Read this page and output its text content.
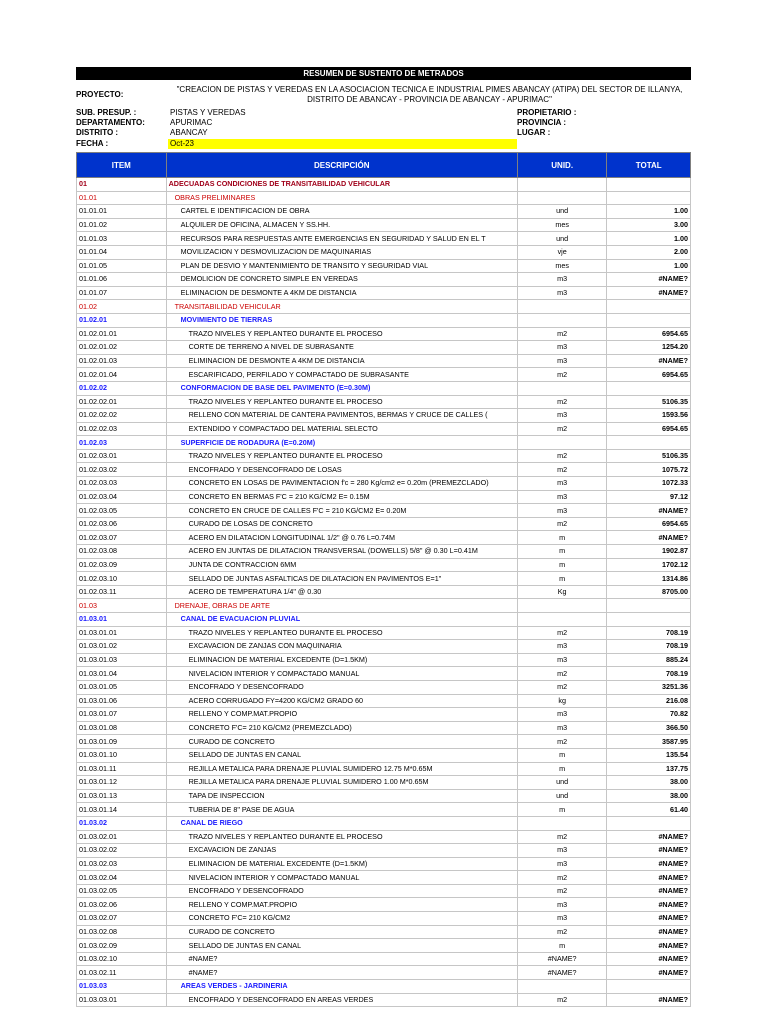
RESUMEN DE SUSTENTO DE METRADOS
PROYECTO:
"CREACION DE PISTAS Y VEREDAS EN LA ASOCIACION TECNICA E INDUSTRIAL PIMES ABANCAY (ATIPA) DEL SECTOR DE ILLANYA,
DISTRITO DE ABANCAY - PROVINCIA DE ABANCAY - APURIMAC"
SUB. PRESUP. :	PISTAS Y VEREDAS
DEPARTAMENTO:	APURIMAC
DISTRITO :	ABANCAY
FECHA :	Oct-23
PROPIETARIO :
PROVINCIA :
LUGAR :
ITEM	DESCRIPCIÓN	UNID.	TOTAL
01	ADECUADAS CONDICIONES DE TRANSITABILIDAD VEHICULAR		
01.01	OBRAS PRELIMINARES		
01.01.01	CARTEL E IDENTIFICACION DE OBRA	und	1.00
01.01.02	ALQUILER DE OFICINA, ALMACEN Y SS.HH.	mes	3.00
01.01.03	RECURSOS PARA RESPUESTAS ANTE EMERGENCIAS EN SEGURIDAD Y SALUD EN EL T	und	1.00
01.01.04	MOVILIZACION Y DESMOVILIZACION DE MAQUINARIAS	vje	2.00
01.01.05	PLAN DE DESVIO Y MANTENIMIENTO DE TRANSITO Y SEGURIDAD VIAL	mes	1.00
01.01.06	DEMOLICION DE CONCRETO SIMPLE EN VEREDAS	m3	#NAME?
01.01.07	ELIMINACION DE DESMONTE A 4KM DE DISTANCIA	m3	#NAME?
01.02	TRANSITABILIDAD VEHICULAR		
01.02.01	MOVIMIENTO DE TIERRAS		
01.02.01.01	TRAZO NIVELES Y REPLANTEO DURANTE EL PROCESO	m2	6954.65
01.02.01.02	CORTE DE TERRENO A NIVEL DE SUBRASANTE	m3	1254.20
01.02.01.03	ELIMINACION DE DESMONTE A 4KM DE DISTANCIA	m3	#NAME?
01.02.01.04	ESCARIFICADO, PERFILADO Y COMPACTADO DE SUBRASANTE	m2	6954.65
01.02.02	CONFORMACION DE BASE DEL PAVIMENTO (E=0.30M)		
01.02.02.01	TRAZO NIVELES Y REPLANTEO DURANTE EL PROCESO	m2	5106.35
01.02.02.02	RELLENO CON MATERIAL DE CANTERA PAVIMENTOS, BERMAS Y CRUCE DE CALLES (	m3	1593.56
01.02.02.03	EXTENDIDO Y COMPACTADO DEL MATERIAL SELECTO	m2	6954.65
01.02.03	SUPERFICIE DE RODADURA (E=0.20M)		
01.02.03.01	TRAZO NIVELES Y REPLANTEO DURANTE EL PROCESO	m2	5106.35
01.02.03.02	ENCOFRADO Y DESENCOFRADO DE LOSAS	m2	1075.72
01.02.03.03	CONCRETO EN LOSAS DE PAVIMENTACION f'c = 280 Kg/cm2 e= 0.20m (PREMEZCLADO)	m3	1072.33
01.02.03.04	CONCRETO EN BERMAS F'C = 210 KG/CM2 E= 0.15M	m3	97.12
01.02.03.05	CONCRETO EN CRUCE DE CALLES F'C = 210 KG/CM2 E= 0.20M	m3	#NAME?
01.02.03.06	CURADO DE LOSAS DE CONCRETO	m2	6954.65
01.02.03.07	ACERO EN DILATACION LONGITUDINAL 1/2" @ 0.76 L=0.74M	m	#NAME?
01.02.03.08	ACERO EN JUNTAS DE DILATACION TRANSVERSAL (DOWELLS) 5/8" @ 0.30 L=0.41M	m	1902.87
01.02.03.09	JUNTA DE CONTRACCION 6MM	m	1702.12
01.02.03.10	SELLADO DE JUNTAS ASFALTICAS DE DILATACION EN PAVIMENTOS E=1"	m	1314.86
01.02.03.11	ACERO DE TEMPERATURA 1/4" @ 0.30	Kg	8705.00
01.03	DRENAJE, OBRAS DE ARTE		
01.03.01	CANAL DE EVACUACION PLUVIAL		
01.03.01.01	TRAZO NIVELES Y REPLANTEO DURANTE EL PROCESO	m2	708.19
01.03.01.02	EXCAVACION DE ZANJAS CON MAQUINARIA	m3	708.19
01.03.01.03	ELIMINACION DE MATERIAL EXCEDENTE (D=1.5KM)	m3	885.24
01.03.01.04	NIVELACION INTERIOR Y COMPACTADO MANUAL	m2	708.19
01.03.01.05	ENCOFRADO Y DESENCOFRADO	m2	3251.36
01.03.01.06	ACERO CORRUGADO FY=4200 KG/CM2 GRADO 60	kg	216.08
01.03.01.07	RELLENO Y COMP.MAT.PROPIO	m3	70.82
01.03.01.08	CONCRETO F'C= 210 KG/CM2 (PREMEZCLADO)	m3	366.50
01.03.01.09	CURADO DE CONCRETO	m2	3587.95
01.03.01.10	SELLADO DE JUNTAS EN CANAL	m	135.54
01.03.01.11	REJILLA METALICA PARA DRENAJE PLUVIAL SUMIDERO 12.75 M*0.65M	m	137.75
01.03.01.12	REJILLA METALICA PARA DRENAJE PLUVIAL SUMIDERO 1.00 M*0.65M	und	38.00
01.03.01.13	TAPA DE INSPECCION	und	38.00
01.03.01.14	TUBERIA DE 8" PASE DE AGUA	m	61.40
01.03.02	CANAL DE RIEGO		
01.03.02.01	TRAZO NIVELES Y REPLANTEO DURANTE EL PROCESO	m2	#NAME?
01.03.02.02	EXCAVACION DE ZANJAS	m3	#NAME?
01.03.02.03	ELIMINACION DE MATERIAL EXCEDENTE (D=1.5KM)	m3	#NAME?
01.03.02.04	NIVELACION INTERIOR Y COMPACTADO MANUAL	m2	#NAME?
01.03.02.05	ENCOFRADO Y DESENCOFRADO	m2	#NAME?
01.03.02.06	RELLENO Y COMP.MAT.PROPIO	m3	#NAME?
01.03.02.07	CONCRETO F'C= 210 KG/CM2	m3	#NAME?
01.03.02.08	CURADO DE CONCRETO	m2	#NAME?
01.03.02.09	SELLADO DE JUNTAS EN CANAL	m	#NAME?
01.03.02.10	#NAME?	#NAME?	#NAME?
01.03.02.11	#NAME?	#NAME?	#NAME?
01.03.03	AREAS VERDES - JARDINERIA		
01.03.03.01	ENCOFRADO Y DESENCOFRADO EN AREAS VERDES	m2	#NAME?
